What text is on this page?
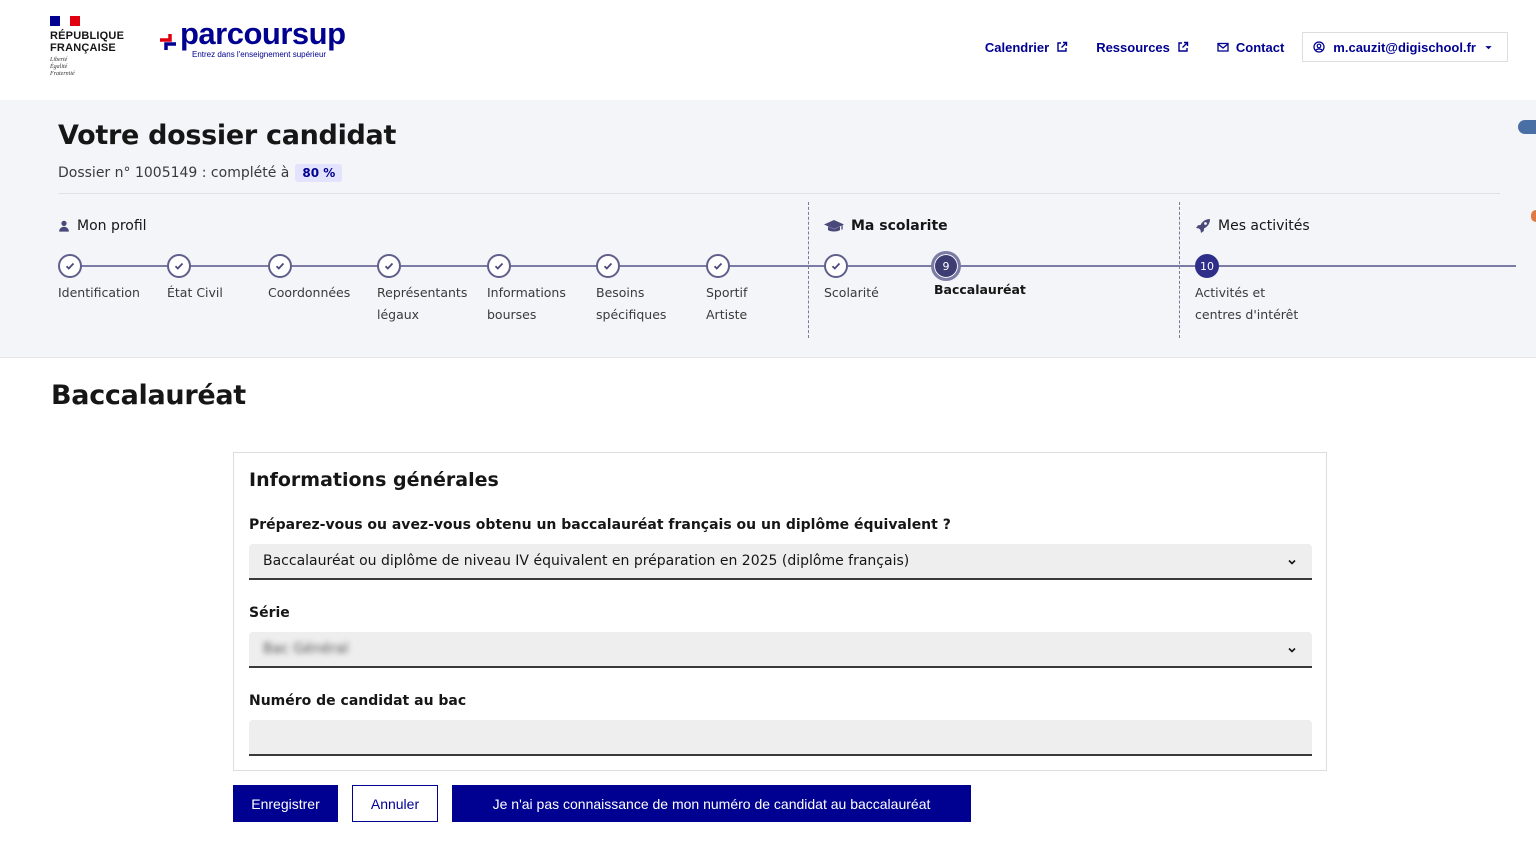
RÉPUBLIQUE
FRANÇAISE
Liberté
Égalité
Fraternité
parcoursup
Entrez dans l'enseignement supérieur	Calendrier	Ressources	Contact	m.cauzit@digischool.fr
Votre dossier candidat
Dossier n° 1005149 : complété à	80 %
Mon profil	Ma scolarite	Mes activités
Identification	État Civil	Coordonnées	Représentants légaux
Informations bourses
Besoins spécifiques
Sportif Artiste
Scolarité
9
Baccalauréat
10
Activités et centres d'intérêt
Baccalauréat
Informations générales
Préparez-vous ou avez-vous obtenu un baccalauréat français ou un diplôme équivalent ?
Baccalauréat ou diplôme de niveau IV équivalent en préparation en 2025 (diplôme français)
Série
Bac Général
Numéro de candidat au bac
Enregistrer	Annuler	Je n'ai pas connaissance de mon numéro de candidat au baccalauréat
